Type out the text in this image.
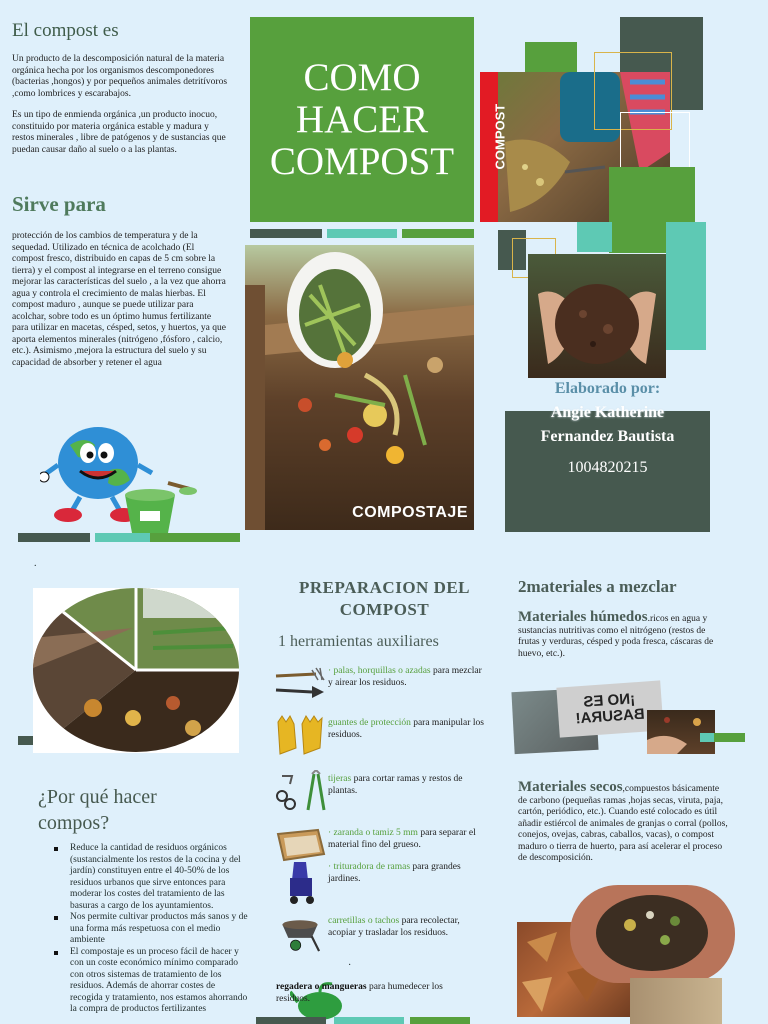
El compost es

Un producto de la descomposición natural de la materia orgánica hecha por los organismos descomponedores (bacterias ,hongos) y por pequeños animales detritívoros ,como lombrices y escarabajos.

Es un tipo de enmienda orgánica ,un producto inocuo, constituido por materia orgánica estable y madura y restos minerales , libre de patógenos y de sustancias que puedan causar daño al suelo o a las plantas.

Sirve para

protección de los cambios de temperatura y de la sequedad. Utilizado en técnica de acolchado (El compost fresco, distribuido en capas de 5 cm sobre la tierra) y el compost al integrarse en el terreno consigue mejorar las características del suelo , a la vez que ahorra agua y controla el crecimiento de malas hierbas. El compost maduro , aunque se puede utilizar para acolchar, sobre todo es un óptimo humus fertilizante para utilizar en macetas, césped, setos, y huertos, ya que aporta elementos minerales (nitrógeno ,fósforo , calcio, etc.). Asimismo ,mejora la estructura del suelo y su capacidad de absorber y retener el agua

COMO
HACER
COMPOST
COMPOSTAJE
COMPOST
Elaborado por:
Angie Katherine
Fernandez Bautista
1004820215
.
¿Por qué hacer
compos?
Reduce la cantidad de residuos orgánicos (sustancialmente los restos de la cocina y del jardín) constituyen entre el 40-50% de los residuos urbanos que sirve entonces para moderar los costes del tratamiento de las basuras a cargo de los ayuntamientos.
Nos permite cultivar productos más sanos y de una forma más respetuosa con el medio ambiente
El compostaje es un proceso fácil de hacer y con un coste económico mínimo comparado con otros sistemas de tratamiento de los residuos. Además de ahorrar costes de recogida y tratamiento, nos estamos ahorrando la compra de productos fertilizantes
PREPARACION DEL
COMPOST
1 herramientas auxiliares
· palas, horquillas o azadas para mezclar y airear los residuos.
guantes de protección para manipular los residuos.
tijeras para cortar ramas y restos de plantas.
· zaranda o tamiz 5 mm para separar el material fino del grueso.
· trituradora de ramas para grandes jardines.
carretillas o tachos para recolectar, acopiar y trasladar los residuos.
·
regadera o mangueras para humedecer los residuos.
2materiales a mezclar
Materiales húmedos.ricos en agua y sustancias nutritivas como el nitrógeno (restos de frutas y verduras, césped y poda fresca, cáscaras de huevo, etc.).
¡NO ES
BASURA!
Materiales secos,compuestos básicamente de carbono (pequeñas ramas ,hojas secas, viruta, paja, cartón, periódico, etc.). Cuando esté colocado es útil añadir estiércol de animales de granjas o corral (pollos, conejos, ovejas, cabras, caballos, vacas), o compost maduro o tierra de huerto, para así acelerar el proceso de descomposición.
